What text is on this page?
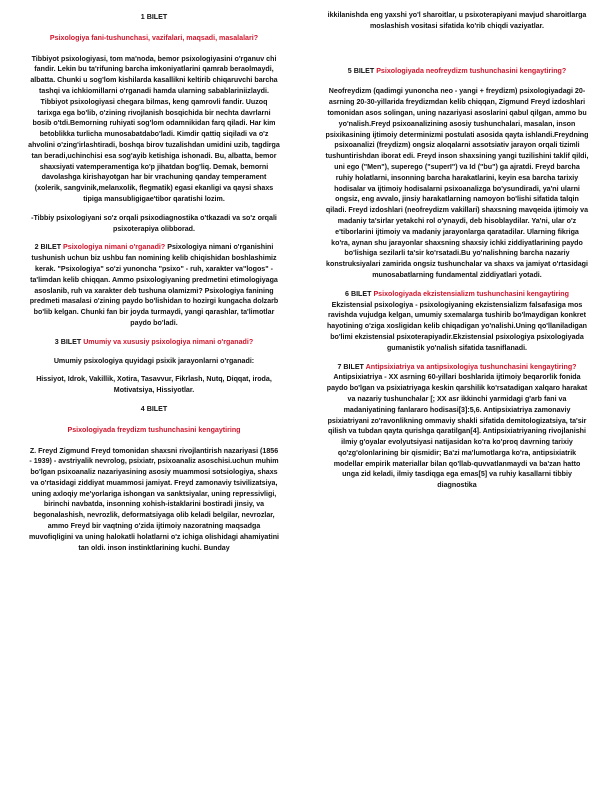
1 BILET

Psixologiya fani-tushunchasi, vazifalari, maqsadi, masalalari?

Tibbiyot psixologiyasi, tom ma'noda, bemor psixologiyasini o'rganuv chi fandir. Lekin bu ta'rifuning barcha imkoniyatlarini qamrab beraolmaydi, albatta. Chunki u sog'lom kishilarda kasallikni keltirib chiqaruvchi barcha tashqi va ichkiomillarni o'rganadi hamda ularning sabablariniizlaydi. Tibbiyot psixologiyasi chegara bilmas, keng qamrovli fandir. Uuzoq tarixga ega bo'lib, o'zining rivojlanish bosqichida bir nechta davrlarni bosib o'tdi.Bemorning ruhiyati sog'lom odamnikidan farq qiladi. Har kim betoblikka turlicha munosabatdabo'ladi. Kimdir qattiq siqiladi va o'z ahvolini o'zing'irlashtiradi, boshqa birov tuzalishdan umidini uzib, tagdirga tan beradi,uchinchisi esa sog'ayib ketishiga ishonadi. Bu, albatta, bemor shaxsiyati vatemperamentiga ko'p jihatdan bog'liq. Demak, bemorni davolashga kirishayotgan har bir vrachuning qanday temperament (xolerik, sangvinik,melanxolik, flegmatik) egasi ekanligi va qaysi shaxs tipiga mansubligigae'tibor qaratishi lozim.

-Tibbiy psixologiyani so'z orqali psixodiagnostika o'tkazadi va so'z orqali psixoterapiya olibborad.

2 BILET Psixologiya nimani o'rganadi? Psixologiya nimani o'rganishini tushunish uchun biz ushbu fan nomining kelib chiqishidan boshlashimiz kerak. "Psixologiya" so'zi yunoncha "psixo" - ruh, xarakter va"logos" - ta'limdan kelib chiqqan. Ammo psixologiyaning predmetini etimologiyaga asoslanib, ruh va xarakter deb tushuna olamizmi? Psixologiya fanining predmeti masalasi o'zining paydo bo'lishidan to hozirgi kungacha dolzarb bo'lib kelgan. Chunki fan bir joyda turmaydi, yangi qarashlar, ta'limotlar paydo bo'ladi.

3 BILET Umumiy va xususiy psixologiya nimani o'rganadi?

Umumiy psixologiya quyidagi psixik jarayonlarni o'rganadi:

Hissiyot, Idrok, Vakillik, Xotira, Tasavvur, Fikrlash, Nutq, Diqqat, iroda, Motivatsiya, Hissiyotlar.

4 BILET

Psixologiyada freydizm tushunchasini kengaytiring

Z. Freyd Zigmund Freyd tomonidan shaxsni rivojlantirish nazariyasi (1856 - 1939) - avstriyalik nevrolog, psixiatr, psixoanaliz asoschisi.uchun muhim bo'lgan psixoanaliz nazariyasining asosiy muammosi sotsiologiya, shaxs va o'rtasidagi ziddiyat muammosi jamiyat. Freyd zamonaviy tsivilizatsiya, uning axloqiy me'yorlariga ishongan va sanktsiyalar, uning repressivligi, birinchi navbatda, insonning xohish-istaklarini bostiradi jinsiy, va begonalashish, nevrozlik, deformatsiyaga olib keladi belgilar, nevrozlar, ammo Freyd bir vaqtning o'zida ijtimoiy nazoratning maqsadga muvofiqligini va uning halokatli holatlarni o'z ichiga olishidagi ahamiyatini tan oldi. inson instinktlarining kuchi. Bunday

ikkilanishda eng yaxshi yo'l sharoitlar, u psixoterapiyani mavjud sharoitlarga moslashish vositasi sifatida ko'rib chiqdi vaziyatlar.

5 BILET Psixologiyada neofreydizm tushunchasini kengaytiring?

Neofreydizm (qadimgi yunoncha neo - yangi + freydizm) psixologiyadagi 20-asrning 20-30-yillarida freydizmdan kelib chiqqan, Zigmund Freyd izdoshlari tomonidan asos solingan, uning nazariyasi asoslarini qabul qilgan, ammo bu yo'nalish.Freyd psixoanalizining asosiy tushunchalari, masalan, inson psixikasining ijtimoiy determinizmi postulati asosida qayta ishlandi.Freydning psixoanalizi (freydizm) ongsiz aloqalarni assotsiativ jarayon orqali tizimli tushuntirishdan iborat edi. Freyd inson shaxsining yangi tuzilishini taklif qildi, uni ego ("Men"), superego ("superI") va Id ("bu") ga ajratdi. Freyd barcha ruhiy holatlarni, insonning barcha harakatlarini, keyin esa barcha tarixiy hodisalar va ijtimoiy hodisalarni psixoanalizga bo'ysundiradi, ya'ni ularni ongsiz, eng avvalo, jinsiy harakatlarning namoyon bo'lishi sifatida talqin qiladi. Freyd izdoshlari (neofreydizm vakillari) shaxsning mavqeida ijtimoiy va madaniy ta'sirlar yetakchi rol o'ynaydi, deb hisoblaydilar. Ya'ni, ular o'z e'tiborlarini ijtimoiy va madaniy jarayonlarga qaratadilar. Ularning fikriga ko'ra, aynan shu jarayonlar shaxsning shaxsiy ichki ziddiyatlarining paydo bo'lishiga sezilarli ta'sir ko'rsatadi.Bu yo'nalishning barcha nazariy konstruksiyalari zamirida ongsiz tushunchalar va shaxs va jamiyat o'rtasidagi munosabatlarning fundamental ziddiyatlari yotadi.

6 BILET Psixologiyada ekzistensializm tushunchasini kengaytiring Ekzistensial psixologiya - psixologiyaning ekzistensializm falsafasiga mos ravishda vujudga kelgan, umumiy sxemalarga tushirib bo'lmaydigan konkret hayotining o'ziga xosligidan kelib chiqadigan yo'nalishi.Uning qo'llaniladigan bo'limi ekzistensial psixoterapiyadir.Ekzistensial psixologiya psixologiyada gumanistik yo'nalish sifatida tasniflanadi.

7 BILET Antipsixiatriya va antipsixologiya tushunchasini kengaytiring?Antipsixiatriya - XX asrning 60-yillari boshlarida ijtimoiy beqarorlik fonida paydo bo'lgan va psixiatriyaga keskin qarshilik ko'rsatadigan xalqaro harakat va nazariy tushunchalar [; XX asr ikkinchi yarmidagi g'arb fani va madaniyatining fanlararo hodisasi[3]:5,6. Antipsixiatriya zamonaviy psixiatriyani zo'ravonlikning ommaviy shakli sifatida demitologizatsiya, ta'sir qilish va tubdan qayta qurishga qaratilgan[4]. Antipsixiatriyaning rivojlanishi ilmiy g'oyalar evolyutsiyasi natijasidan ko'ra ko'proq davrning tarixiy qo'zg'olonlarining bir qismidir; Ba'zi ma'lumotlarga ko'ra, antipsixiatrik modellar empirik materiallar bilan qo'llab-quvvatlanmaydi va ba'zan hatto unga zid keladi, ilmiy tasdiqga ega emas[5] va ruhiy kasallarni tibbiy diagnostika
